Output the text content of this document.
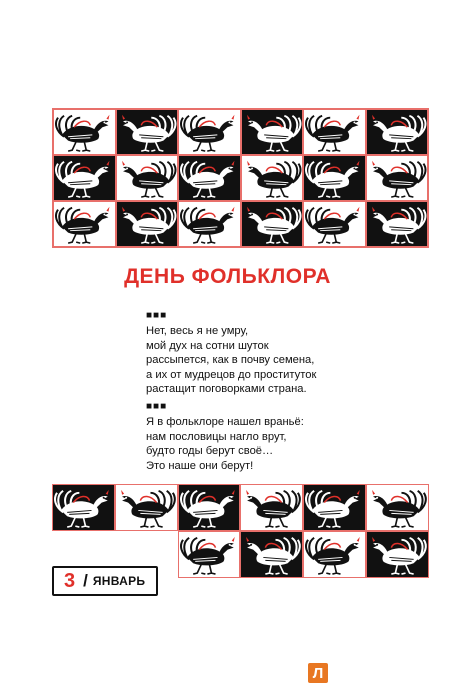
ДЕНЬ ФОЛЬКЛОРА
■■■
Нет, весь я не умру,
мой дух на сотни шуток
рассыпется, как в почву семена,
а их от мудрецов до проституток
растащит поговорками страна.
■■■
Я в фольклоре нашел враньё:
нам пословицы нагло врут,
будто годы берут своё…
Это наше они берут!
3 / ЯНВАРЬ
Л
